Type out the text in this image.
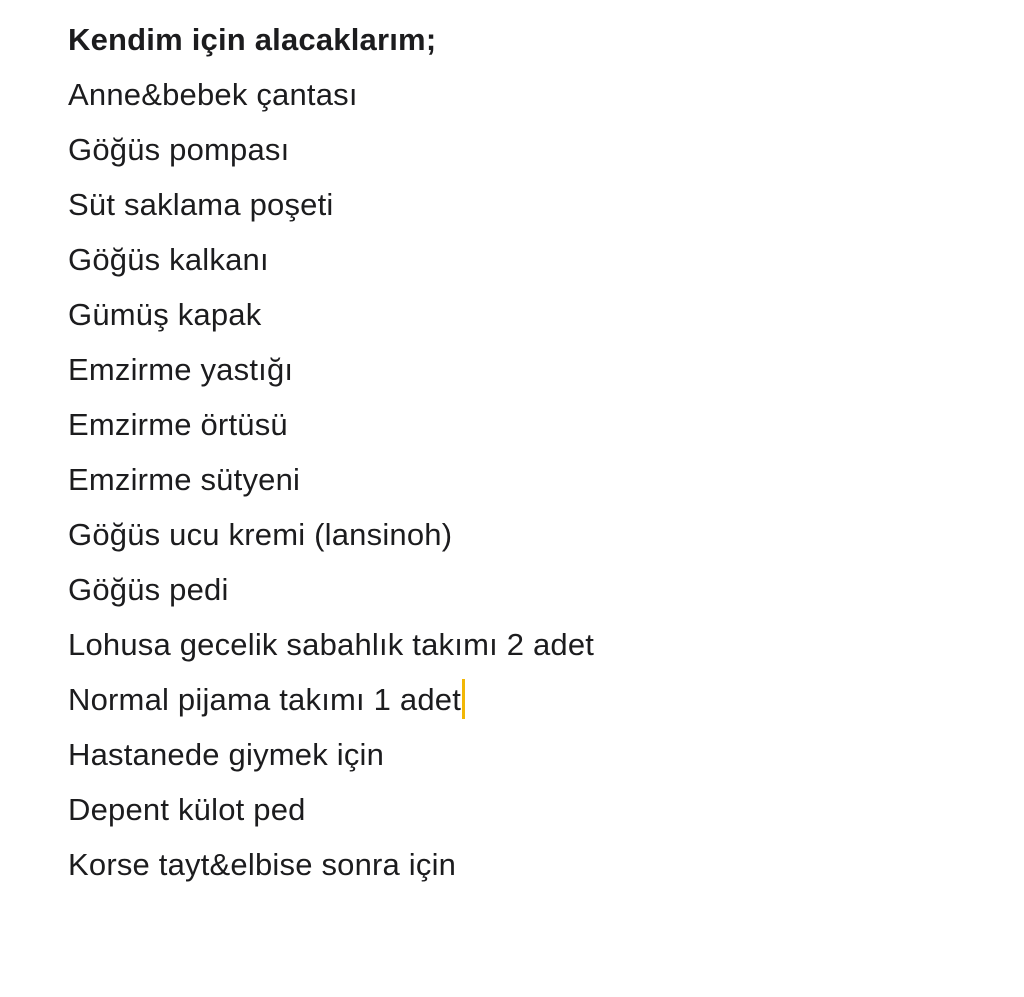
Kendim için alacaklarım;
Anne&bebek çantası
Göğüs pompası
Süt saklama poşeti
Göğüs kalkanı
Gümüş kapak
Emzirme yastığı
Emzirme örtüsü
Emzirme sütyeni
Göğüs ucu kremi (lansinoh)
Göğüs pedi
Lohusa gecelik sabahlık takımı 2 adet
Normal pijama takımı 1 adet
Hastanede giymek için
Depent külot ped
Korse tayt&elbise sonra için
